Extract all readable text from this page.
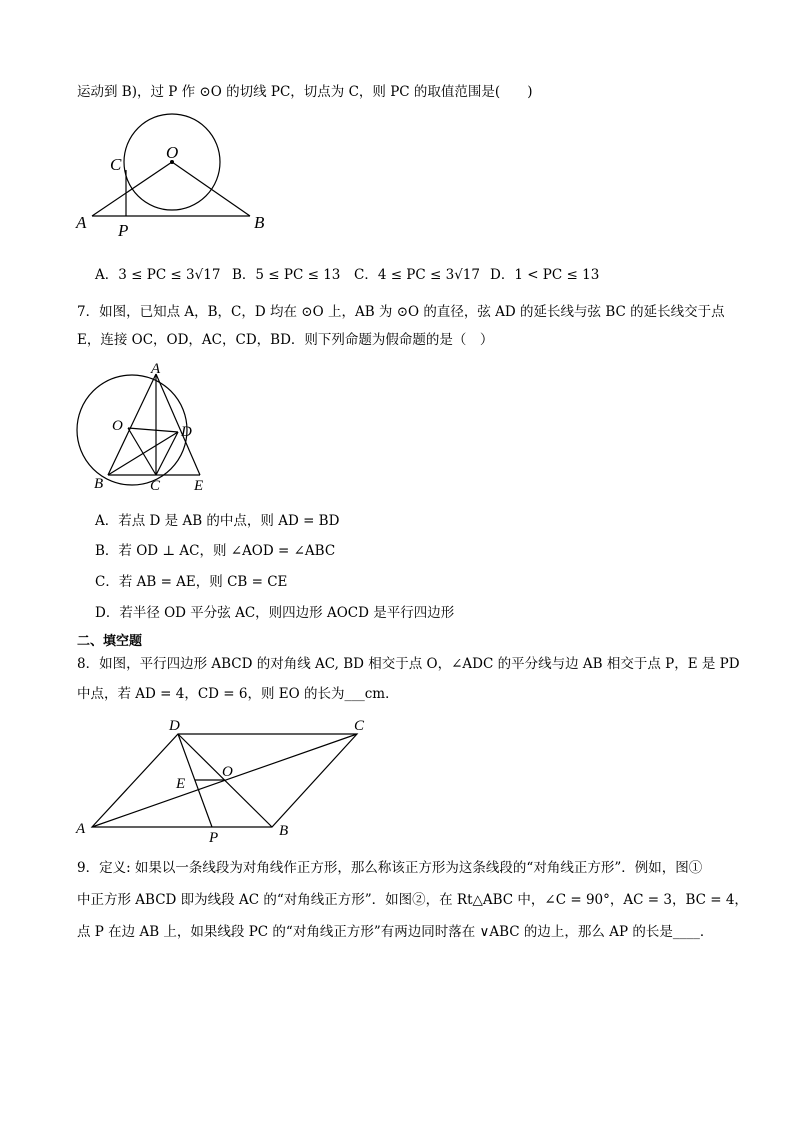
运动到 B)，过 P 作 ⊙O 的切线 PC，切点为 C，则 PC 的取值范围是(　　)
O
C
A P	B
A．3 ≤ PC ≤ 3√17 B．5 ≤ PC ≤ 13 C．4 ≤ PC ≤ 3√17 D．1 < PC ≤ 13
7．如图，已知点 A，B，C，D 均在 ⊙O 上，AB 为 ⊙O 的直径，弦 AD 的延长线与弦 BC 的延长线交于点
E，连接 OC，OD，AC，CD，BD．则下列命题为假命题的是（　）
A
O	D
B	C E
A．若点 D 是 AB 的中点，则 AD = BD
B．若 OD ⊥ AC，则 ∠AOD = ∠ABC
C．若 AB = AE，则 CB = CE
D．若半径 OD 平分弦 AC，则四边形 AOCD 是平行四边形
二、填空题
8．如图，平行四边形 ABCD 的对角线 AC, BD 相交于点 O，∠ADC 的平分线与边 AB 相交于点 P，E 是 PD
中点，若 AD = 4，CD = 6，则 EO 的长为___cm．
D	C
O
E
A
P	B
9．定义: 如果以一条线段为对角线作正方形，那么称该正方形为这条线段的“对角线正方形”．例如，图①
中正方形 ABCD 即为线段 AC 的“对角线正方形”．如图②，在 Rt△ABC 中，∠C = 90°，AC = 3，BC = 4，
点 P 在边 AB 上，如果线段 PC 的“对角线正方形”有两边同时落在 ∨ABC 的边上，那么 AP 的长是____．
